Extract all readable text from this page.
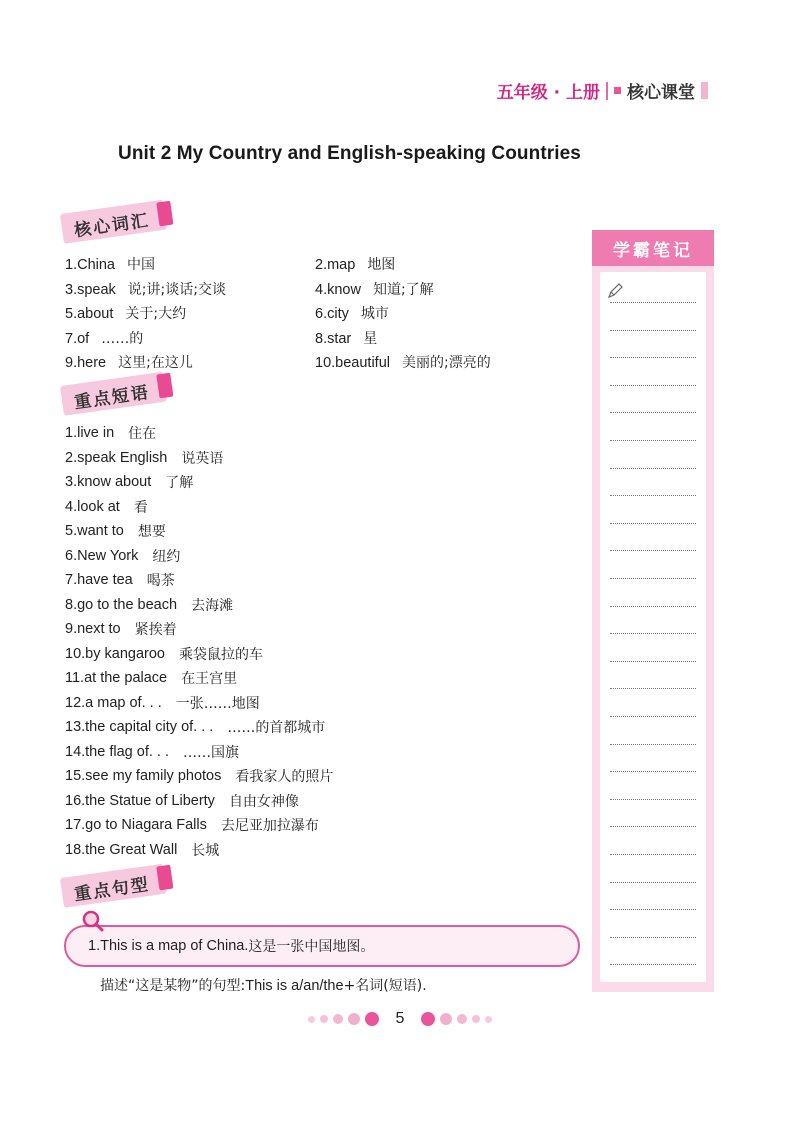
五年级 · 上册 核心课堂
Unit 2 My Country and English-speaking Countries
核心词汇
1.China 中国	2.map 地图
3.speak 说;讲;谈话;交谈	4.know 知道;了解
5.about 关于;大约	6.city 城市
7.of ……的	8.star 星
9.here 这里;在这儿	10.beautiful 美丽的;漂亮的
重点短语
1.live in 住在
2.speak English 说英语
3.know about 了解
4.look at 看
5.want to 想要
6.New York 纽约
7.have tea 喝茶
8.go to the beach 去海滩
9.next to 紧挨着
10.by kangaroo 乘袋鼠拉的车
11.at the palace 在王宫里
12.a map of. . . 一张……地图
13.the capital city of. . . ……的首都城市
14.the flag of. . . ……国旗
15.see my family photos 看我家人的照片
16.the Statue of Liberty 自由女神像
17.go to Niagara Falls 去尼亚加拉瀑布
18.the Great Wall 长城
重点句型
1.This is a map of China. 这是一张中国地图。
描述“这是某物”的句型:This is a/an/the+名词(短语).
学霸笔记
5
